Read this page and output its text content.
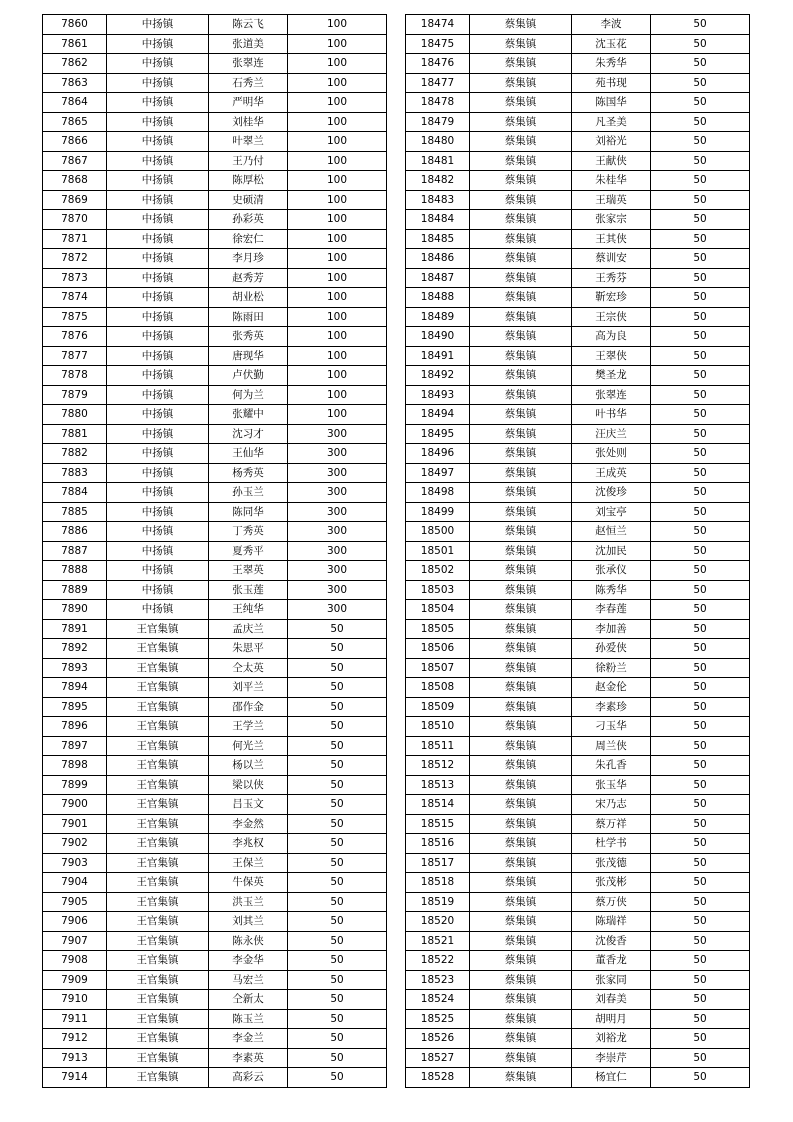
7860	中扬镇	陈云飞	100
7861	中扬镇	张道美	100
7862	中扬镇	张翠连	100
7863	中扬镇	石秀兰	100
7864	中扬镇	严明华	100
7865	中扬镇	刘桂华	100
7866	中扬镇	叶翠兰	100
7867	中扬镇	王乃付	100
7868	中扬镇	陈厚松	100
7869	中扬镇	史硕清	100
7870	中扬镇	孙彩英	100
7871	中扬镇	徐宏仁	100
7872	中扬镇	李月珍	100
7873	中扬镇	赵秀芳	100
7874	中扬镇	胡业松	100
7875	中扬镇	陈雨田	100
7876	中扬镇	张秀英	100
7877	中扬镇	唐现华	100
7878	中扬镇	卢伏勤	100
7879	中扬镇	何为兰	100
7880	中扬镇	张耀中	100
7881	中扬镇	沈习才	300
7882	中扬镇	王仙华	300
7883	中扬镇	杨秀英	300
7884	中扬镇	孙玉兰	300
7885	中扬镇	陈同华	300
7886	中扬镇	丁秀英	300
7887	中扬镇	夏秀平	300
7888	中扬镇	王翠英	300
7889	中扬镇	张玉莲	300
7890	中扬镇	王纯华	300
7891	王官集镇	孟庆兰	50
7892	王官集镇	朱思平	50
7893	王官集镇	仝太英	50
7894	王官集镇	刘平兰	50
7895	王官集镇	邵作金	50
7896	王官集镇	王学兰	50
7897	王官集镇	何光兰	50
7898	王官集镇	杨以兰	50
7899	王官集镇	梁以侠	50
7900	王官集镇	吕玉文	50
7901	王官集镇	李金然	50
7902	王官集镇	李兆权	50
7903	王官集镇	王保兰	50
7904	王官集镇	牛保英	50
7905	王官集镇	洪玉兰	50
7906	王官集镇	刘其兰	50
7907	王官集镇	陈永侠	50
7908	王官集镇	李金华	50
7909	王官集镇	马宏兰	50
7910	王官集镇	仝新太	50
7911	王官集镇	陈玉兰	50
7912	王官集镇	李金兰	50
7913	王官集镇	李素英	50
7914	王官集镇	高彩云	50
18474	蔡集镇	李波	50
18475	蔡集镇	沈玉花	50
18476	蔡集镇	朱秀华	50
18477	蔡集镇	苑书现	50
18478	蔡集镇	陈国华	50
18479	蔡集镇	凡圣美	50
18480	蔡集镇	刘裕光	50
18481	蔡集镇	王献侠	50
18482	蔡集镇	朱桂华	50
18483	蔡集镇	王瑞英	50
18484	蔡集镇	张家宗	50
18485	蔡集镇	王其侠	50
18486	蔡集镇	蔡训安	50
18487	蔡集镇	王秀芬	50
18488	蔡集镇	靳宏珍	50
18489	蔡集镇	王宗侠	50
18490	蔡集镇	高为良	50
18491	蔡集镇	王翠侠	50
18492	蔡集镇	樊圣龙	50
18493	蔡集镇	张翠连	50
18494	蔡集镇	叶书华	50
18495	蔡集镇	汪庆兰	50
18496	蔡集镇	张处则	50
18497	蔡集镇	王成英	50
18498	蔡集镇	沈俊珍	50
18499	蔡集镇	刘宝亭	50
18500	蔡集镇	赵恒兰	50
18501	蔡集镇	沈加民	50
18502	蔡集镇	张承仪	50
18503	蔡集镇	陈秀华	50
18504	蔡集镇	李春莲	50
18505	蔡集镇	李加善	50
18506	蔡集镇	孙爱侠	50
18507	蔡集镇	徐粉兰	50
18508	蔡集镇	赵金伦	50
18509	蔡集镇	李素珍	50
18510	蔡集镇	刁玉华	50
18511	蔡集镇	周兰侠	50
18512	蔡集镇	朱孔香	50
18513	蔡集镇	张玉华	50
18514	蔡集镇	宋乃志	50
18515	蔡集镇	蔡万祥	50
18516	蔡集镇	杜学书	50
18517	蔡集镇	张茂德	50
18518	蔡集镇	张茂彬	50
18519	蔡集镇	蔡万侠	50
18520	蔡集镇	陈瑞祥	50
18521	蔡集镇	沈俊香	50
18522	蔡集镇	董香龙	50
18523	蔡集镇	张家同	50
18524	蔡集镇	刘春美	50
18525	蔡集镇	胡明月	50
18526	蔡集镇	刘裕龙	50
18527	蔡集镇	李崇芹	50
18528	蔡集镇	杨宜仁	50
